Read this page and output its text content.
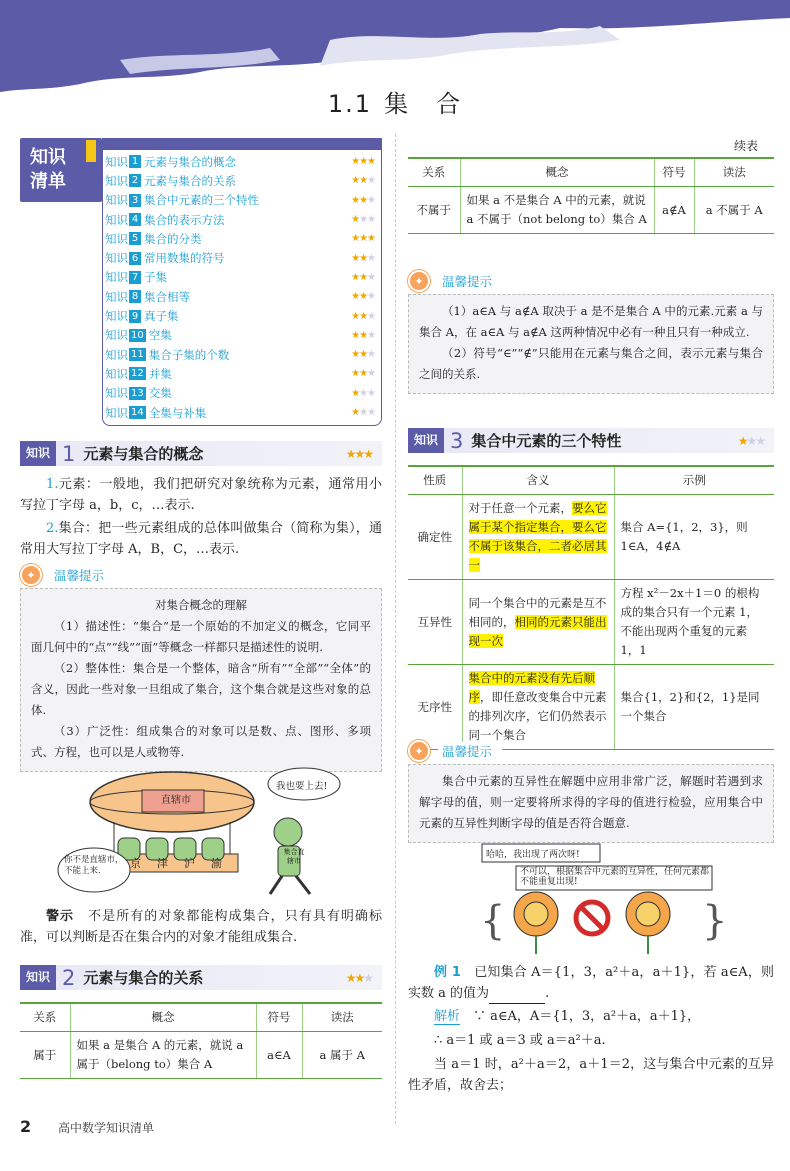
1.1 集　合
知识
清单
知识 1 元素与集合的概念	★★★
知识 2 元素与集合的关系	★★★
知识 3 集合中元素的三个特性	★★★
知识 4 集合的表示方法	★★★
知识 5 集合的分类	★★★
知识 6 常用数集的符号	★★★
知识 7 子集	★★★
知识 8 集合相等	★★★
知识 9 真子集	★★★
知识 10 空集	★★★
知识 11 集合子集的个数	★★★
知识 12 并集	★★★
知识 13 交集	★★★
知识 14 全集与补集	★★★
知识 1 元素与集合的概念	★★★
1.元素：一般地，我们把研究对象统称为元素，通常用小写拉丁字母 a，b，c，…表示.
2.集合：把一些元素组成的总体叫做集合（简称为集），通常用大写拉丁字母 A，B，C，…表示.
✦	温馨提示

对集合概念的理解

（1）描述性：“集合”是一个原始的不加定义的概念，它同平面几何中的“点”“线”“面”等概念一样都只是描述性的说明.

（2）整体性：集合是一个整体，暗含“所有”“全部”“全体”的含义，因此一些对象一旦组成了集合，这个集合就是这些对象的总体.

（3）广泛性：组成集合的对象可以是数、点、图形、多项式、方程，也可以是人或物等.

直辖市
京 津 沪 渝
我也要上去!
你不是直辖市，不能上来.
集合直辖市
警示　 不是所有的对象都能构成集合，只有具有明确标准，可以判断是否在集合内的对象才能组成集合.
知识 2 元素与集合的关系	★★★
关系	概念	符号	读法
属于	如果 a 是集合 A 的元素，就说 a 属于（belong to）集合 A	a∈A	a 属于 A
续表
关系	概念	符号	读法
不属于	如果 a 不是集合 A 中的元素，就说 a 不属于（not belong to）集合 A	a∉A	a 不属于 A
✦	温馨提示

（1）a∈A 与 a∉A 取决于 a 是不是集合 A 中的元素.元素 a 与集合 A，在 a∈A 与 a∉A 这两种情况中必有一种且只有一种成立.

（2）符号“∈”“∉”只能用在元素与集合之间，表示元素与集合之间的关系.

知识 3 集合中元素的三个特性	★★★
性质	含义	示例
确定性	对于任意一个元素，要么它属于某个指定集合，要么它不属于该集合，二者必居其一	集合 A={1，2，3}，则 1∈A，4∉A
互异性	同一个集合中的元素是互不相同的，相同的元素只能出现一次	方程 x²－2x＋1＝0 的根构成的集合只有一个元素 1，不能出现两个重复的元素 1，1
无序性	集合中的元素没有先后顺序，即任意改变集合中元素的排列次序，它们仍然表示同一个集合	集合{1，2}和{2，1}是同一个集合
✦	温馨提示

集合中元素的互异性在解题中应用非常广泛，解题时若遇到求解字母的值，则一定要将所求得的字母的值进行检验，应用集合中元素的互异性判断字母的值是否符合题意.

{	}
哈哈，我出现了两次呀!
不可以，根据集合中元素的互异性，任何元素都不能重复出现!
例 1　 已知集合 A＝{1，3，a²＋a，a＋1}，若 a∈A，则实数 a 的值为	.
解析　 ∵ a∈A，A＝{1，3，a²＋a，a＋1}，
∴ a＝1 或 a＝3 或 a＝a²＋a.
当 a＝1 时，a²＋a＝2，a＋1＝2，这与集合中元素的互异性矛盾，故舍去；
2 高中数学知识清单
